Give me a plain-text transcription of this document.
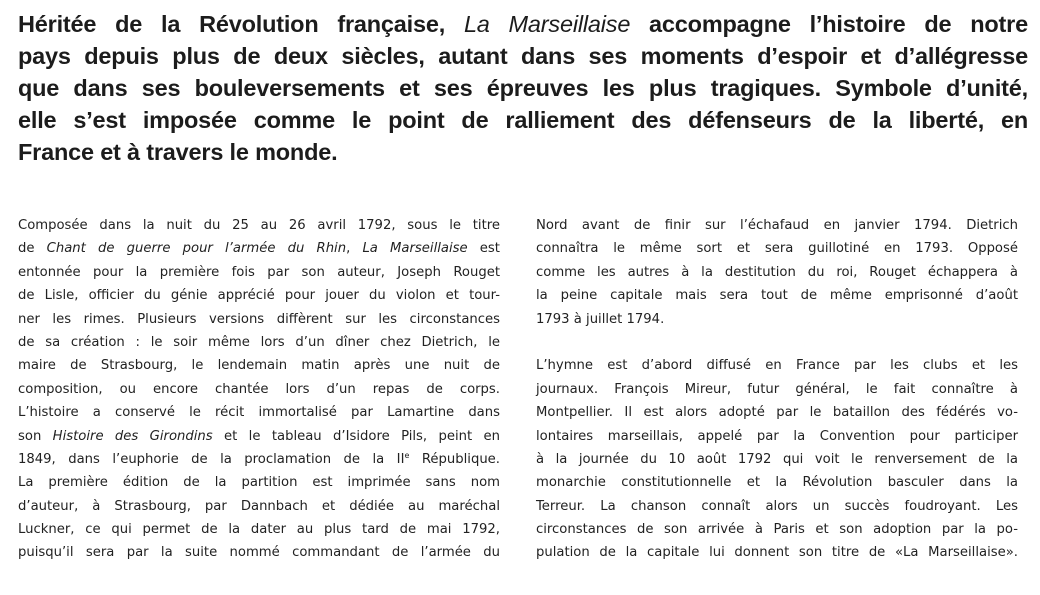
Héritée de la Révolution française, La Marseillaise accompagne l’histoire de notre
pays depuis plus de deux siècles, autant dans ses moments d’espoir et d’allégresse
que dans ses bouleversements et ses épreuves les plus tragiques. Symbole d’unité,
elle s’est imposée comme le point de ralliement des défenseurs de la liberté, en
France et à travers le monde.
Composée dans la nuit du 25 au 26 avril 1792, sous le titre
de Chant de guerre pour l’armée du Rhin, La Marseillaise est
entonnée pour la première fois par son auteur, Joseph Rouget
de Lisle, officier du génie apprécié pour jouer du violon et tour-
ner les rimes. Plusieurs versions diffèrent sur les circonstances
de sa création : le soir même lors d’un dîner chez Dietrich, le
maire de Strasbourg, le lendemain matin après une nuit de
composition, ou encore chantée lors d’un repas de corps.
L’histoire a conservé le récit immortalisé par Lamartine dans
son Histoire des Girondins et le tableau d’Isidore Pils, peint en
1849, dans l’euphorie de la proclamation de la IIe République.
La première édition de la partition est imprimée sans nom
d’auteur, à Strasbourg, par Dannbach et dédiée au maréchal
Luckner, ce qui permet de la dater au plus tard de mai 1792,
puisqu’il sera par la suite nommé commandant de l’armée du
Nord avant de finir sur l’échafaud en janvier 1794. Dietrich
connaîtra le même sort et sera guillotiné en 1793. Opposé
comme les autres à la destitution du roi, Rouget échappera à
la peine capitale mais sera tout de même emprisonné d’août
1793 à juillet 1794.
L’hymne est d’abord diffusé en France par les clubs et les
journaux. François Mireur, futur général, le fait connaître à
Montpellier. Il est alors adopté par le bataillon des fédérés vo-
lontaires marseillais, appelé par la Convention pour participer
à la journée du 10 août 1792 qui voit le renversement de la
monarchie constitutionnelle et la Révolution basculer dans la
Terreur. La chanson connaît alors un succès foudroyant. Les
circonstances de son arrivée à Paris et son adoption par la po-
pulation de la capitale lui donnent son titre de «La Marseillaise».
